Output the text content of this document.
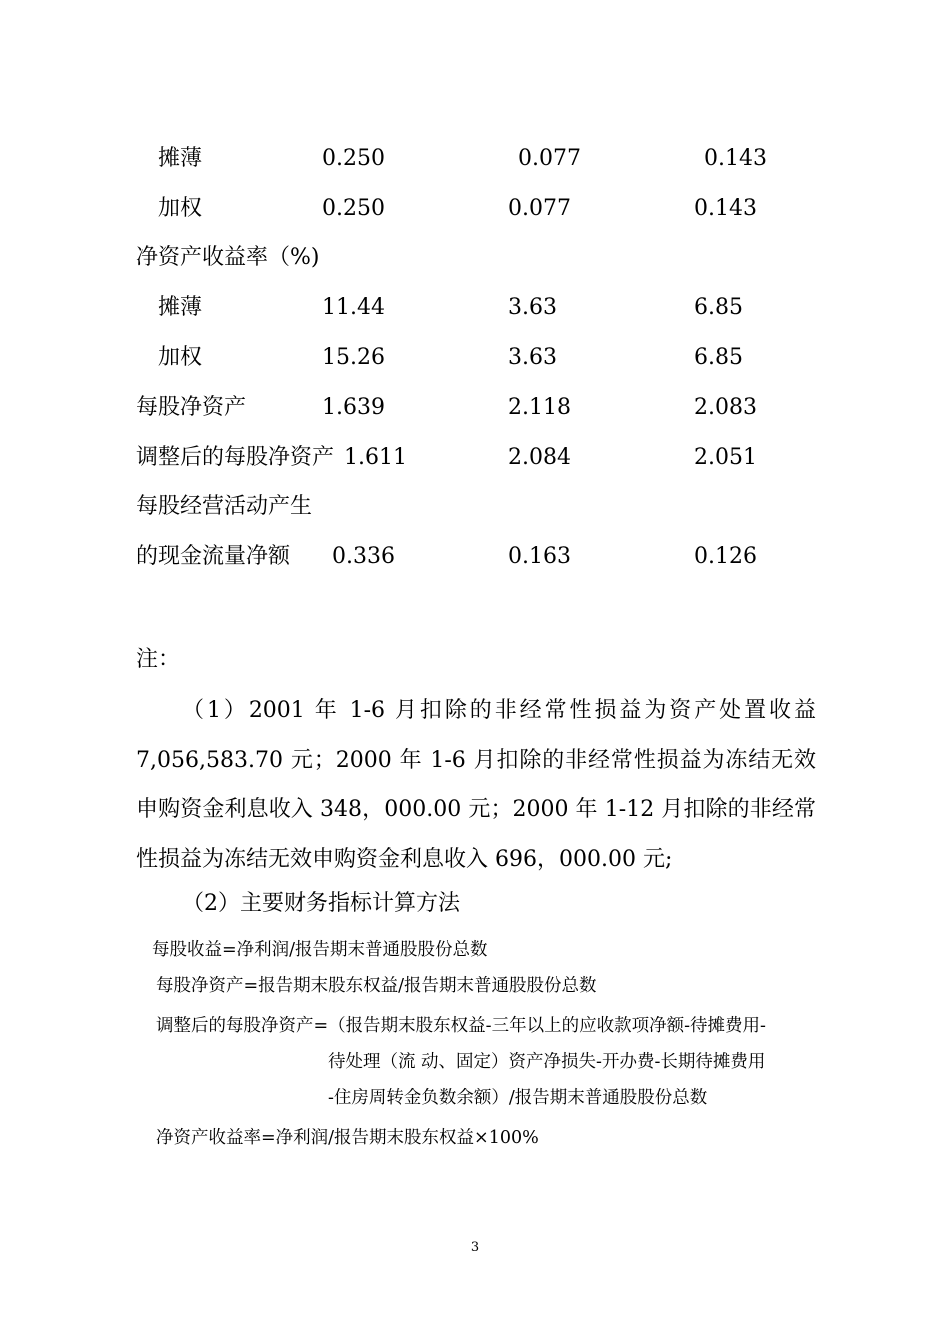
摊薄	0.250	0.077	0.143
加权	0.250	0.077	0.143
净资产收益率（%)
摊薄	11.44	3.63	6.85
加权	15.26	3.63	6.85
每股净资产	1.639	2.118	2.083
调整后的每股净资产 1.611	2.084	2.051
每股经营活动产生
的现金流量净额 0.336	0.163	0.126
注：
（1）2001 年 1-6 月扣除的非经常性损益为资产处置收益 7,056,583.70 元；2000 年 1-6 月扣除的非经常性损益为冻结无效申购资金利息收入 348，000.00 元；2000 年 1-12 月扣除的非经常性损益为冻结无效申购资金利息收入 696，000.00 元;
（2）主要财务指标计算方法
每股收益=净利润/报告期末普通股股份总数
每股净资产=报告期末股东权益/报告期末普通股股份总数
调整后的每股净资产=（报告期末股东权益-三年以上的应收款项净额-待摊费用-
待处理（流 动、固定）资产净损失-开办费-长期待摊费用
-住房周转金负数余额）/报告期末普通股股份总数
净资产收益率=净利润/报告期末股东权益×100%
3
